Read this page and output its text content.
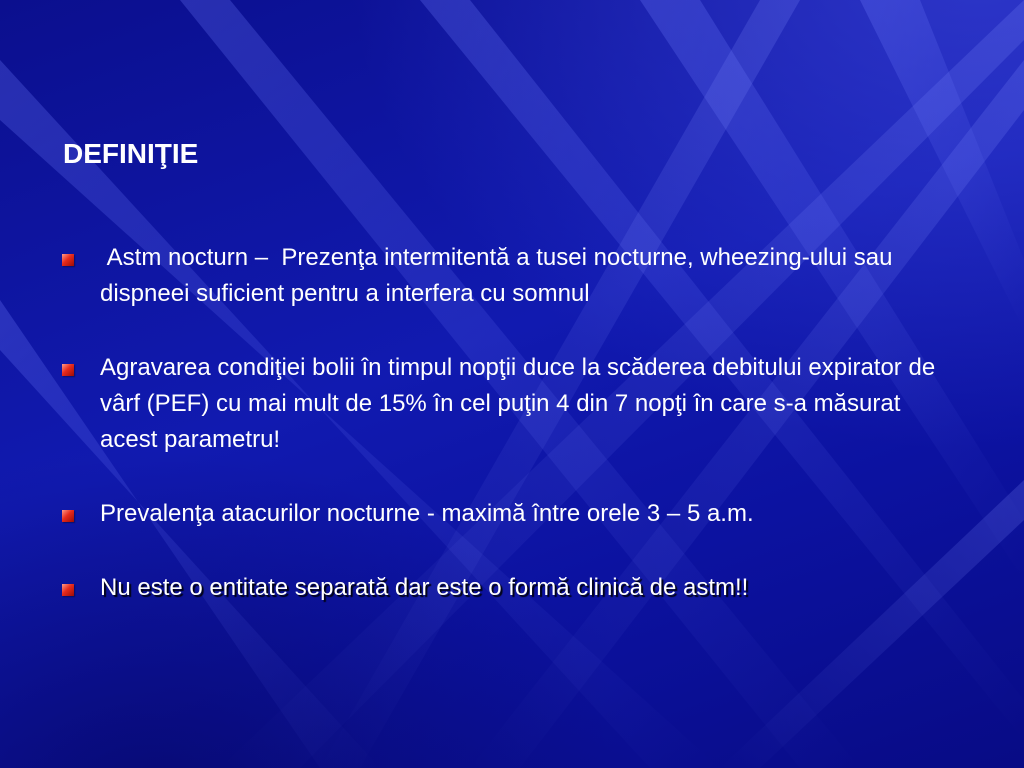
DEFINIŢIE
Astm nocturn –  Prezenţa intermitentă a tusei nocturne, wheezing-ului sau dispneei suficient pentru a interfera cu somnul
Agravarea condiţiei bolii în timpul nopţii duce la scăderea debitului expirator de vârf (PEF) cu mai mult de 15% în cel puţin 4 din 7 nopţi în care s-a măsurat acest parametru!
Prevalenţa atacurilor nocturne - maximă între orele 3 – 5 a.m.
Nu este o entitate separată dar este o formă clinică de astm!!
